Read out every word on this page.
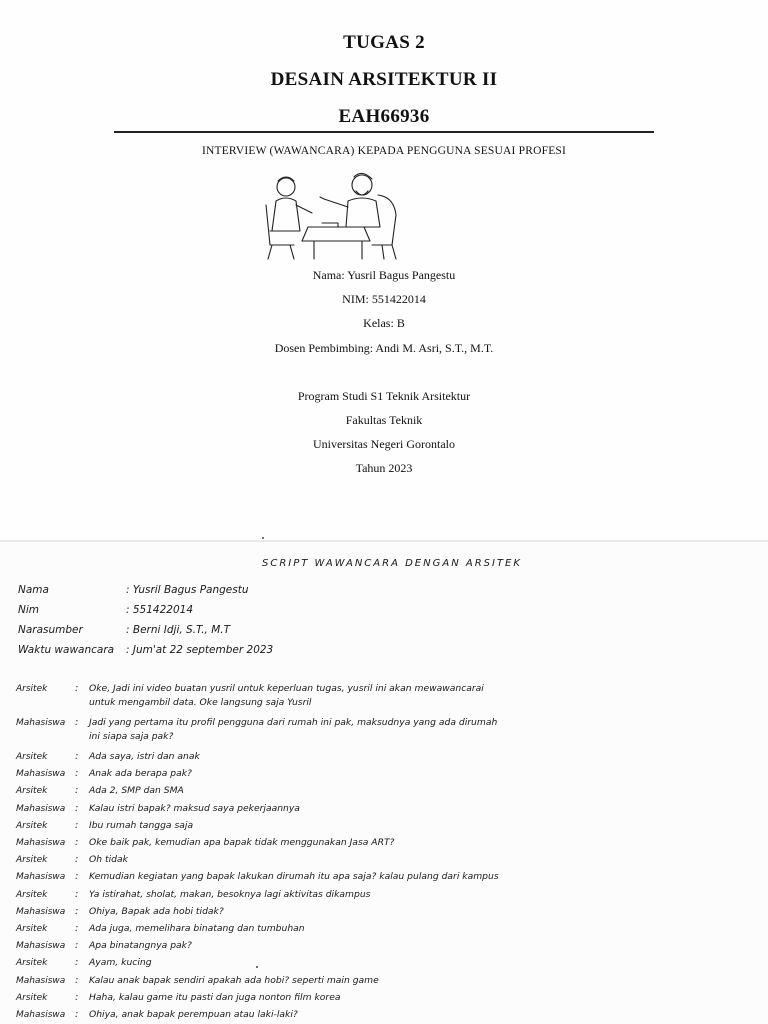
TUGAS 2
DESAIN ARSITEKTUR II
EAH66936
INTERVIEW (WAWANCARA) KEPADA PENGGUNA SESUAI PROFESI
Nama: Yusril Bagus Pangestu
NIM: 551422014
Kelas: B
Dosen Pembimbing: Andi M. Asri, S.T., M.T.
Program Studi S1 Teknik Arsitektur
Fakultas Teknik
Universitas Negeri Gorontalo
Tahun 2023
SCRIPT WAWANCARA DENGAN ARSITEK
Nama	: Yusril Bagus Pangestu
Nim	: 551422014
Narasumber	: Berni Idji, S.T., M.T
Waktu wawancara : Jum'at 22 september 2023
Arsitek	: Oke, Jadi ini video buatan yusril untuk keperluan tugas, yusril ini akan mewawancarai
untuk mengambil data. Oke langsung saja Yusril
Mahasiswa : Jadi yang pertama itu profil pengguna dari rumah ini pak, maksudnya yang ada dirumah
ini siapa saja pak?
Arsitek	: Ada saya, istri dan anak
Mahasiswa : Anak ada berapa pak?
Arsitek	: Ada 2, SMP dan SMA
Mahasiswa : Kalau istri bapak? maksud saya pekerjaannya
Arsitek	: Ibu rumah tangga saja
Mahasiswa : Oke baik pak, kemudian apa bapak tidak menggunakan Jasa ART?
Arsitek	: Oh tidak
Mahasiswa : Kemudian kegiatan yang bapak lakukan dirumah itu apa saja? kalau pulang dari kampus
Arsitek	: Ya istirahat, sholat, makan, besoknya lagi aktivitas dikampus
Mahasiswa : Ohiya, Bapak ada hobi tidak?
Arsitek	: Ada juga, memelihara binatang dan tumbuhan
Mahasiswa : Apa binatangnya pak?
Arsitek	: Ayam, kucing
Mahasiswa : Kalau anak bapak sendiri apakah ada hobi? seperti main game
Arsitek	: Haha, kalau game itu pasti dan juga nonton film korea
Mahasiswa : Ohiya, anak bapak perempuan atau laki-laki?
